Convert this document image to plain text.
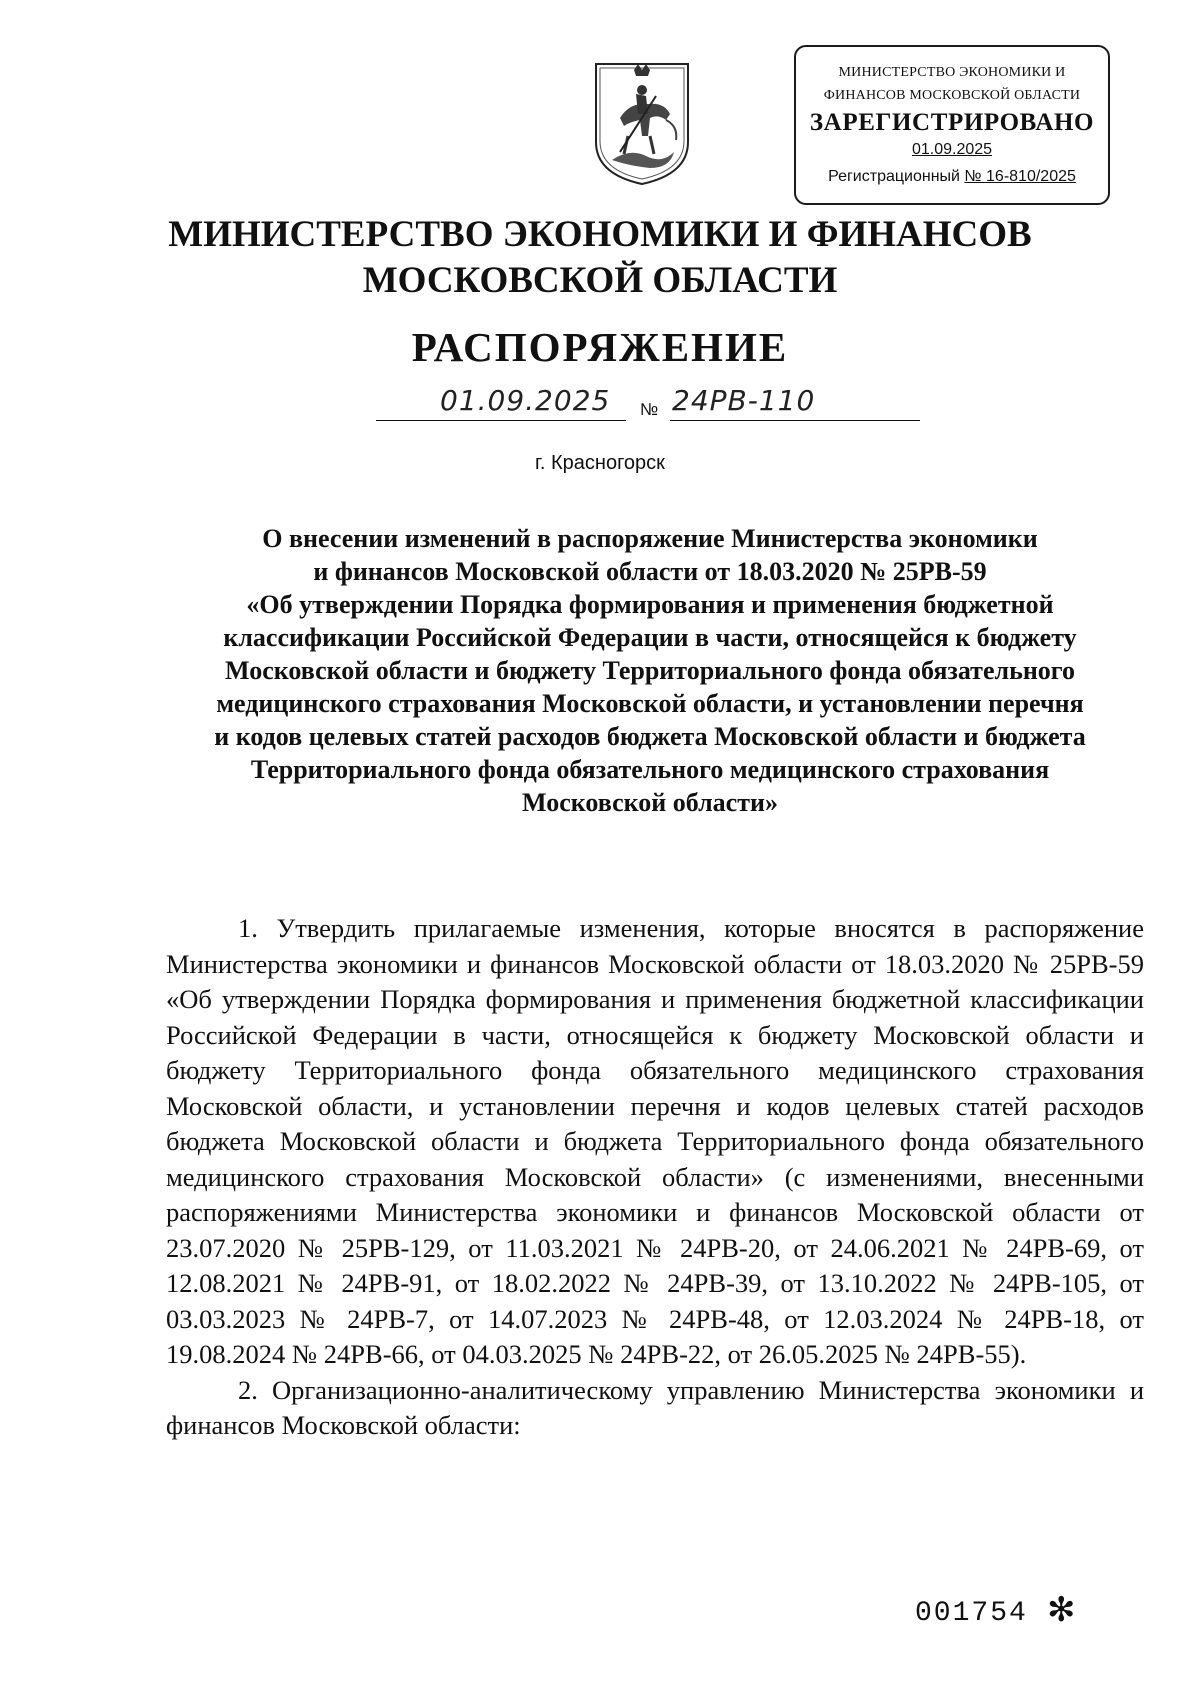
МИНИСТЕРСТВО ЭКОНОМИКИ И
ФИНАНСОВ МОСКОВСКОЙ ОБЛАСТИ
ЗАРЕГИСТРИРОВАНО
01.09.2025
Регистрационный № 16-810/2025
МИНИСТЕРСТВО ЭКОНОМИКИ И ФИНАНСОВ
МОСКОВСКОЙ ОБЛАСТИ
РАСПОРЯЖЕНИЕ
01.09.2025 № 24РВ-110
г. Красногорск
О внесении изменений в распоряжение Министерства экономики
и финансов Московской области от 18.03.2020 № 25РВ-59
«Об утверждении Порядка формирования и применения бюджетной
классификации Российской Федерации в части, относящейся к бюджету
Московской области и бюджету Территориального фонда обязательного
медицинского страхования Московской области, и установлении перечня
и кодов целевых статей расходов бюджета Московской области и бюджета
Территориального фонда обязательного медицинского страхования
Московской области»

1. Утвердить прилагаемые изменения, которые вносятся в распоряжение Министерства экономики и финансов Московской области от 18.03.2020 № 25РВ-59 «Об утверждении Порядка формирования и применения бюджетной классификации Российской Федерации в части, относящейся к бюджету Московской области и бюджету Территориального фонда обязательного медицинского страхования Московской области, и установлении перечня и кодов целевых статей расходов бюджета Московской области и бюджета Территориального фонда обязательного медицинского страхования Московской области» (с изменениями, внесенными распоряжениями Министерства экономики и финансов Московской области от 23.07.2020 № 25РВ-129, от 11.03.2021 № 24РВ-20, от 24.06.2021 № 24РВ-69, от 12.08.2021 № 24РВ-91, от 18.02.2022 № 24РВ-39, от 13.10.2022 № 24РВ-105, от 03.03.2023 № 24РВ-7, от 14.07.2023 № 24РВ-48, от 12.03.2024 № 24РВ-18, от 19.08.2024 № 24РВ-66, от 04.03.2025 № 24РВ-22, от 26.05.2025 № 24РВ-55).

2. Организационно-аналитическому управлению Министерства экономики и финансов Московской области:

001754 ✻
